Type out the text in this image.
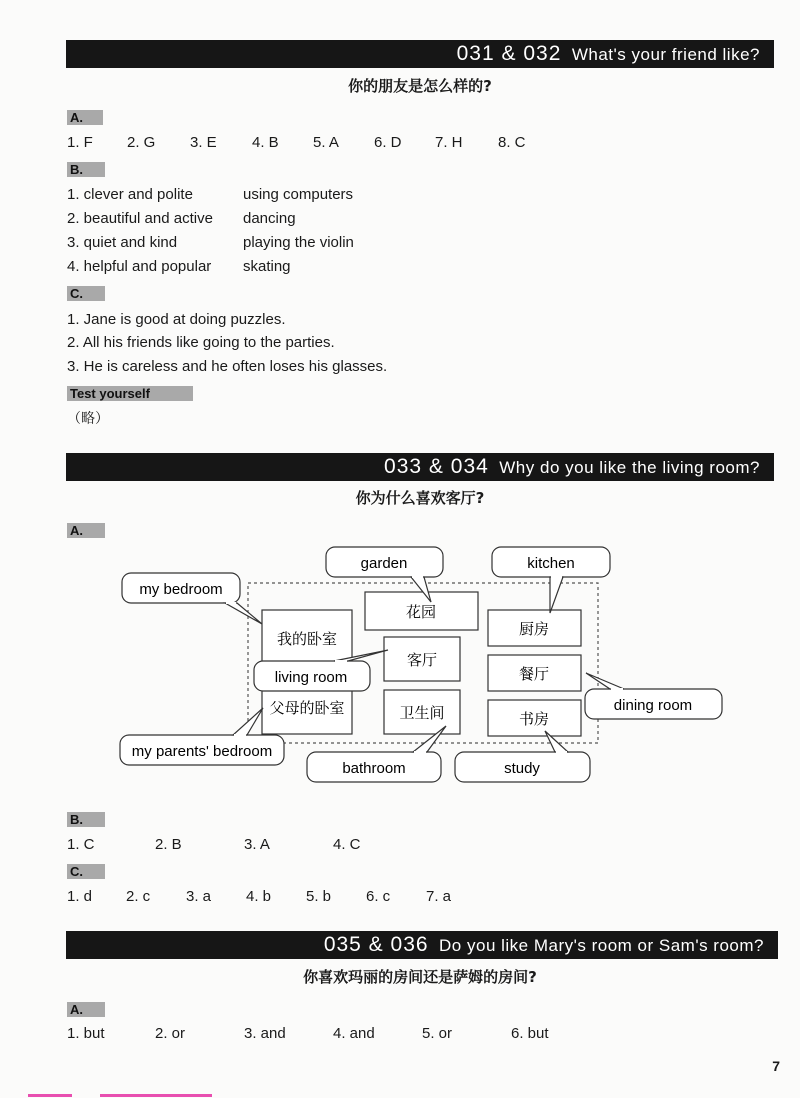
031 & 032 What's your friend like?
你的朋友是怎么样的?
A.
1. F 2. G 3. E 4. B 5. A 6. D 7. H 8. C
B.
1. clever and polite	using computers
2. beautiful and active dancing
3. quiet and kind	playing the violin
4. helpful and popular skating
C.
1. Jane is good at doing puzzles.
2. All his friends like going to the parties.
3. He is careless and he often loses his glasses.
Test yourself
（略）
033 & 034 Why do you like the living room?
你为什么喜欢客厅?
A.
我的卧室
花园
客厅
父母的卧室	卫生间
厨房
餐厅
书房
my bedroom
garden
living room
my parents' bedroom
bathroom
kitchen
dining room
study
B.
1. C	2. B	3. A	4. C
C.
1. d 2. c 3. a 4. b 5. b 6. c 7. a
035 & 036 Do you like Mary's room or Sam's room?
你喜欢玛丽的房间还是萨姆的房间?
A.
1. but	2. or	3. and	4. and	5. or	6. but
7
